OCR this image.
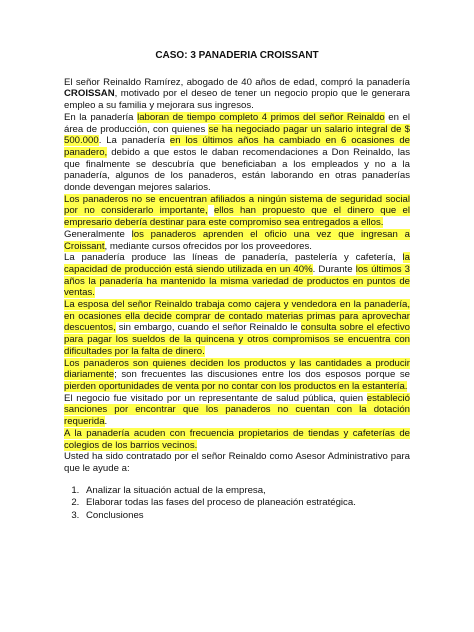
CASO: 3 PANADERIA CROISSANT

El señor Reinaldo Ramírez, abogado de 40 años de edad, compró la panadería CROISSAN, motivado por el deseo de tener un negocio propio que le generara empleo a su familia y mejorara sus ingresos.

En la panadería laboran de tiempo completo 4 primos del señor Reinaldo en el área de producción, con quienes se ha negociado pagar un salario integral de $ 500.000. La panadería en los últimos años ha cambiado en 6 ocasiones de panadero, debido a que estos le daban recomendaciones a Don Reinaldo, las que finalmente se descubría que beneficiaban a los empleados y no a la panadería, algunos de los panaderos, están laborando en otras panaderías donde devengan mejores salarios.

Los panaderos no se encuentran afiliados a ningún sistema de seguridad social por no considerarlo importante, ellos han propuesto que el dinero que el empresario debería destinar para este compromiso sea entregados a ellos.

Generalmente los panaderos aprenden el oficio una vez que ingresan a Croissant, mediante cursos ofrecidos por los proveedores.

La panadería produce las líneas de panadería, pastelería y cafetería, la capacidad de producción está siendo utilizada en un 40%. Durante los últimos 3 años la panadería ha mantenido la misma variedad de productos en puntos de ventas.

La esposa del señor Reinaldo trabaja como cajera y vendedora en la panadería, en ocasiones ella decide comprar de contado materias primas para aprovechar descuentos, sin embargo, cuando el señor Reinaldo le consulta sobre el efectivo para pagar los sueldos de la quincena y otros compromisos se encuentra con dificultades por la falta de dinero.

Los panaderos son quienes deciden los productos y las cantidades a producir diariamente; son frecuentes las discusiones entre los dos esposos porque se pierden oportunidades de venta por no contar con los productos en la estantería.

El negocio fue visitado por un representante de salud pública, quien estableció sanciones por encontrar que los panaderos no cuentan con la dotación requerida.

A la panadería acuden con frecuencia propietarios de tiendas y cafeterías de colegios de los barrios vecinos.

Usted ha sido contratado por el señor Reinaldo como Asesor Administrativo para que le ayude a:

1. Analizar la situación actual de la empresa,
2. Elaborar todas las fases del proceso de planeación estratégica.
3. Conclusiones
